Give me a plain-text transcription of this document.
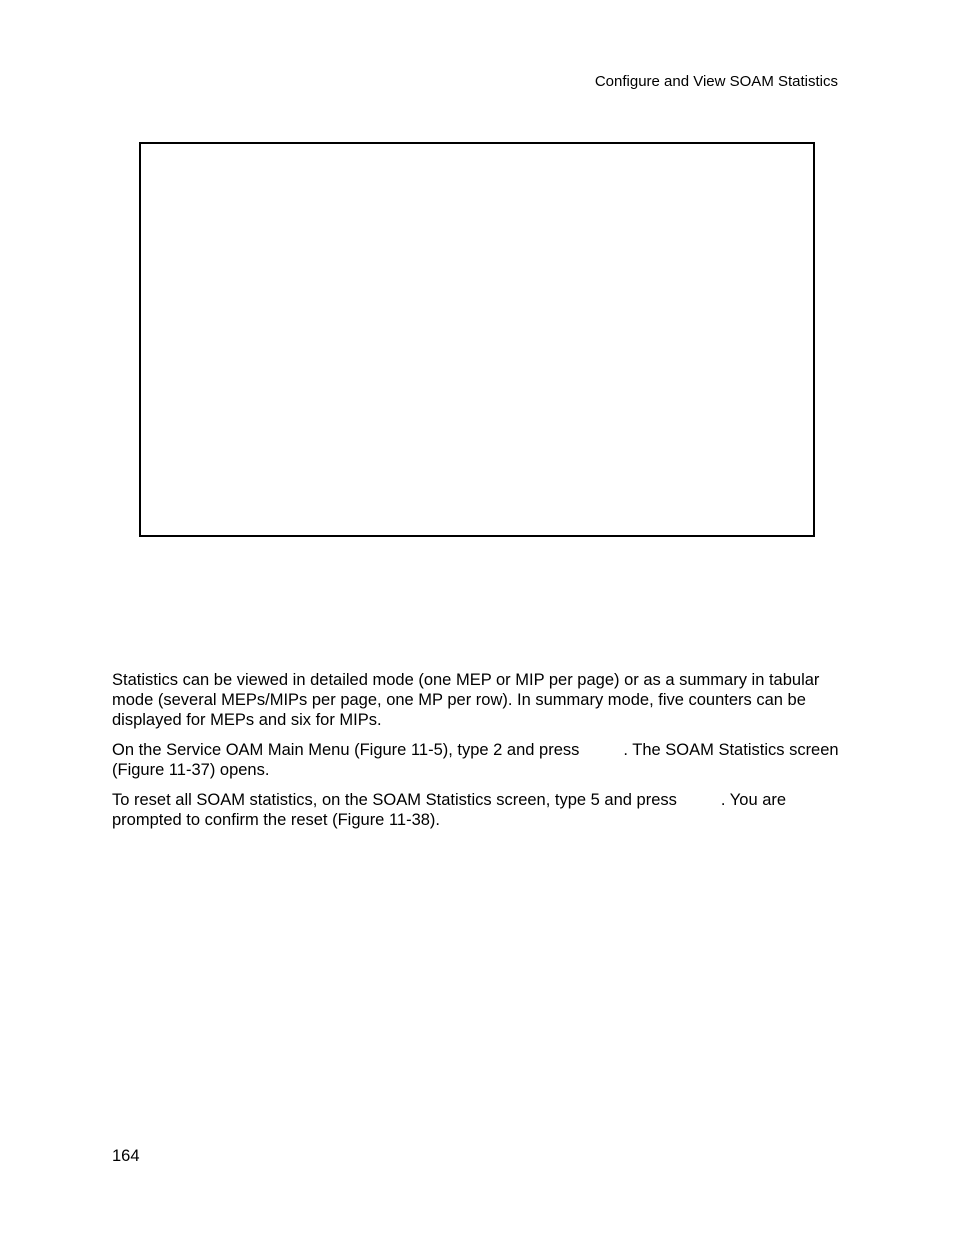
Configure and View SOAM Statistics

Statistics can be viewed in detailed mode (one MEP or MIP per page) or as a summary in tabular mode (several MEPs/MIPs per page, one MP per row). In summary mode, five counters can be displayed for MEPs and six for MIPs.

On the Service OAM Main Menu (Figure 11-5), type 2 and press	. The SOAM Statistics screen (Figure 11-37) opens.

To reset all SOAM statistics, on the SOAM Statistics screen, type 5 and press	. You are prompted to confirm the reset (Figure 11-38).

164
